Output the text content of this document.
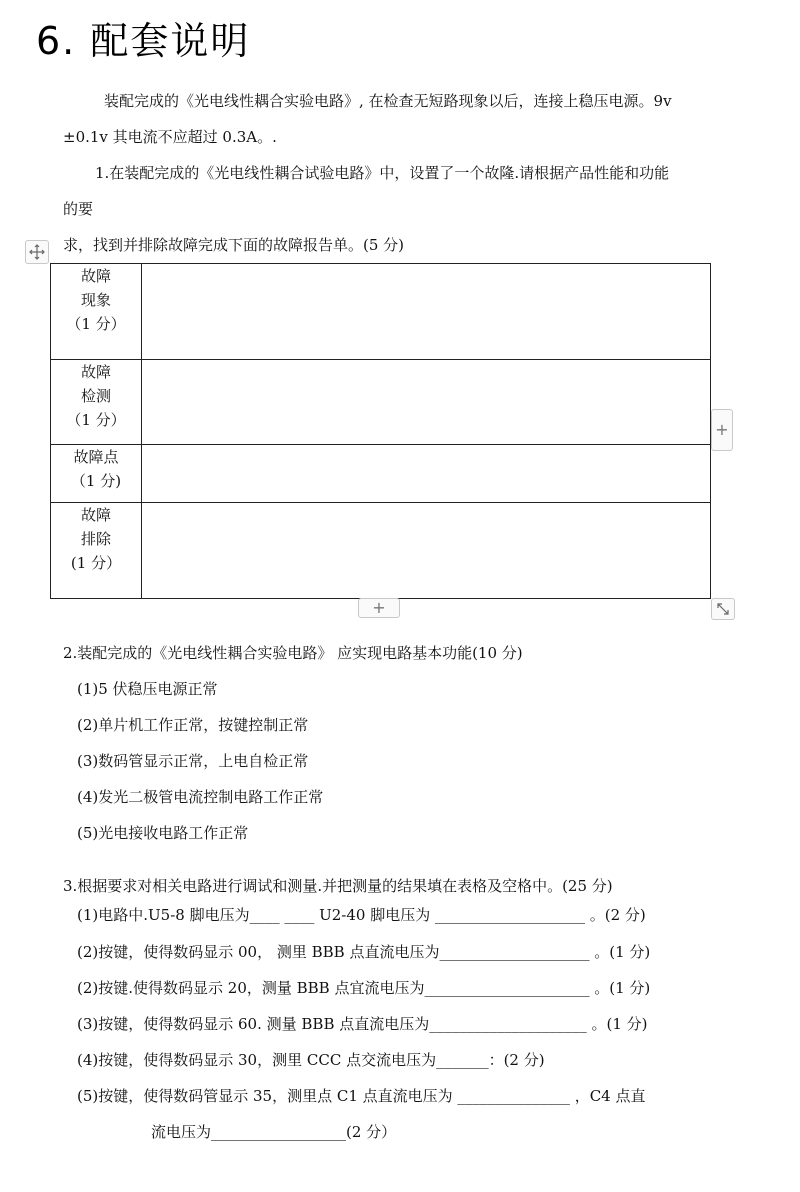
6. 配套说明
装配完成的《光电线性耦合实验电路》, 在检查无短路现象以后，连接上稳压电源。9v
±0.1v 其电流不应超过 0.3A。.
1.在装配完成的《光电线性耦合试验电路》中，设置了一个故隆.请根据产品性能和功能
的要
求，找到并排除故障完成下面的故障报告单。(5 分)
故障
现象
（1 分）	

故障
检测
（1 分）	

故障点
（1 分)	

故障
排除
(1 分）	

+
+
2.装配完成的《光电线性耦合实验电路》 应实现电路基本功能(10 分)
(1)5 伏稳压电源正常
(2)单片机工作正常，按键控制正常
(3)数码管显示正常，上电自检正常
(4)发光二极管电流控制电路工作正常
(5)光电接收电路工作正常
3.根据要求对相关电路进行调试和测量.并把测量的结果填在表格及空格中。(25 分)
(1)电路中.U5-8 脚电压为____ ____ U2-40 脚电压为 ____________________ 。(2 分)
(2)按键，使得数码显示 00， 测里 BBB 点直流电压为____________________ 。(1 分)
(2)按键.使得数码显示 20，测量 BBB 点宜流电压为______________________ 。(1 分)
(3)按键，使得数码显示 60. 测量 BBB 点直流电压为_____________________ 。(1 分)
(4)按键，使得数码显示 30，测里 CCC 点交流电压为_______：(2 分)
(5)按键，使得数码管显示 35，测里点 C1 点直流电压为 _______________ ，C4 点直
流电压为__________________(2 分）
